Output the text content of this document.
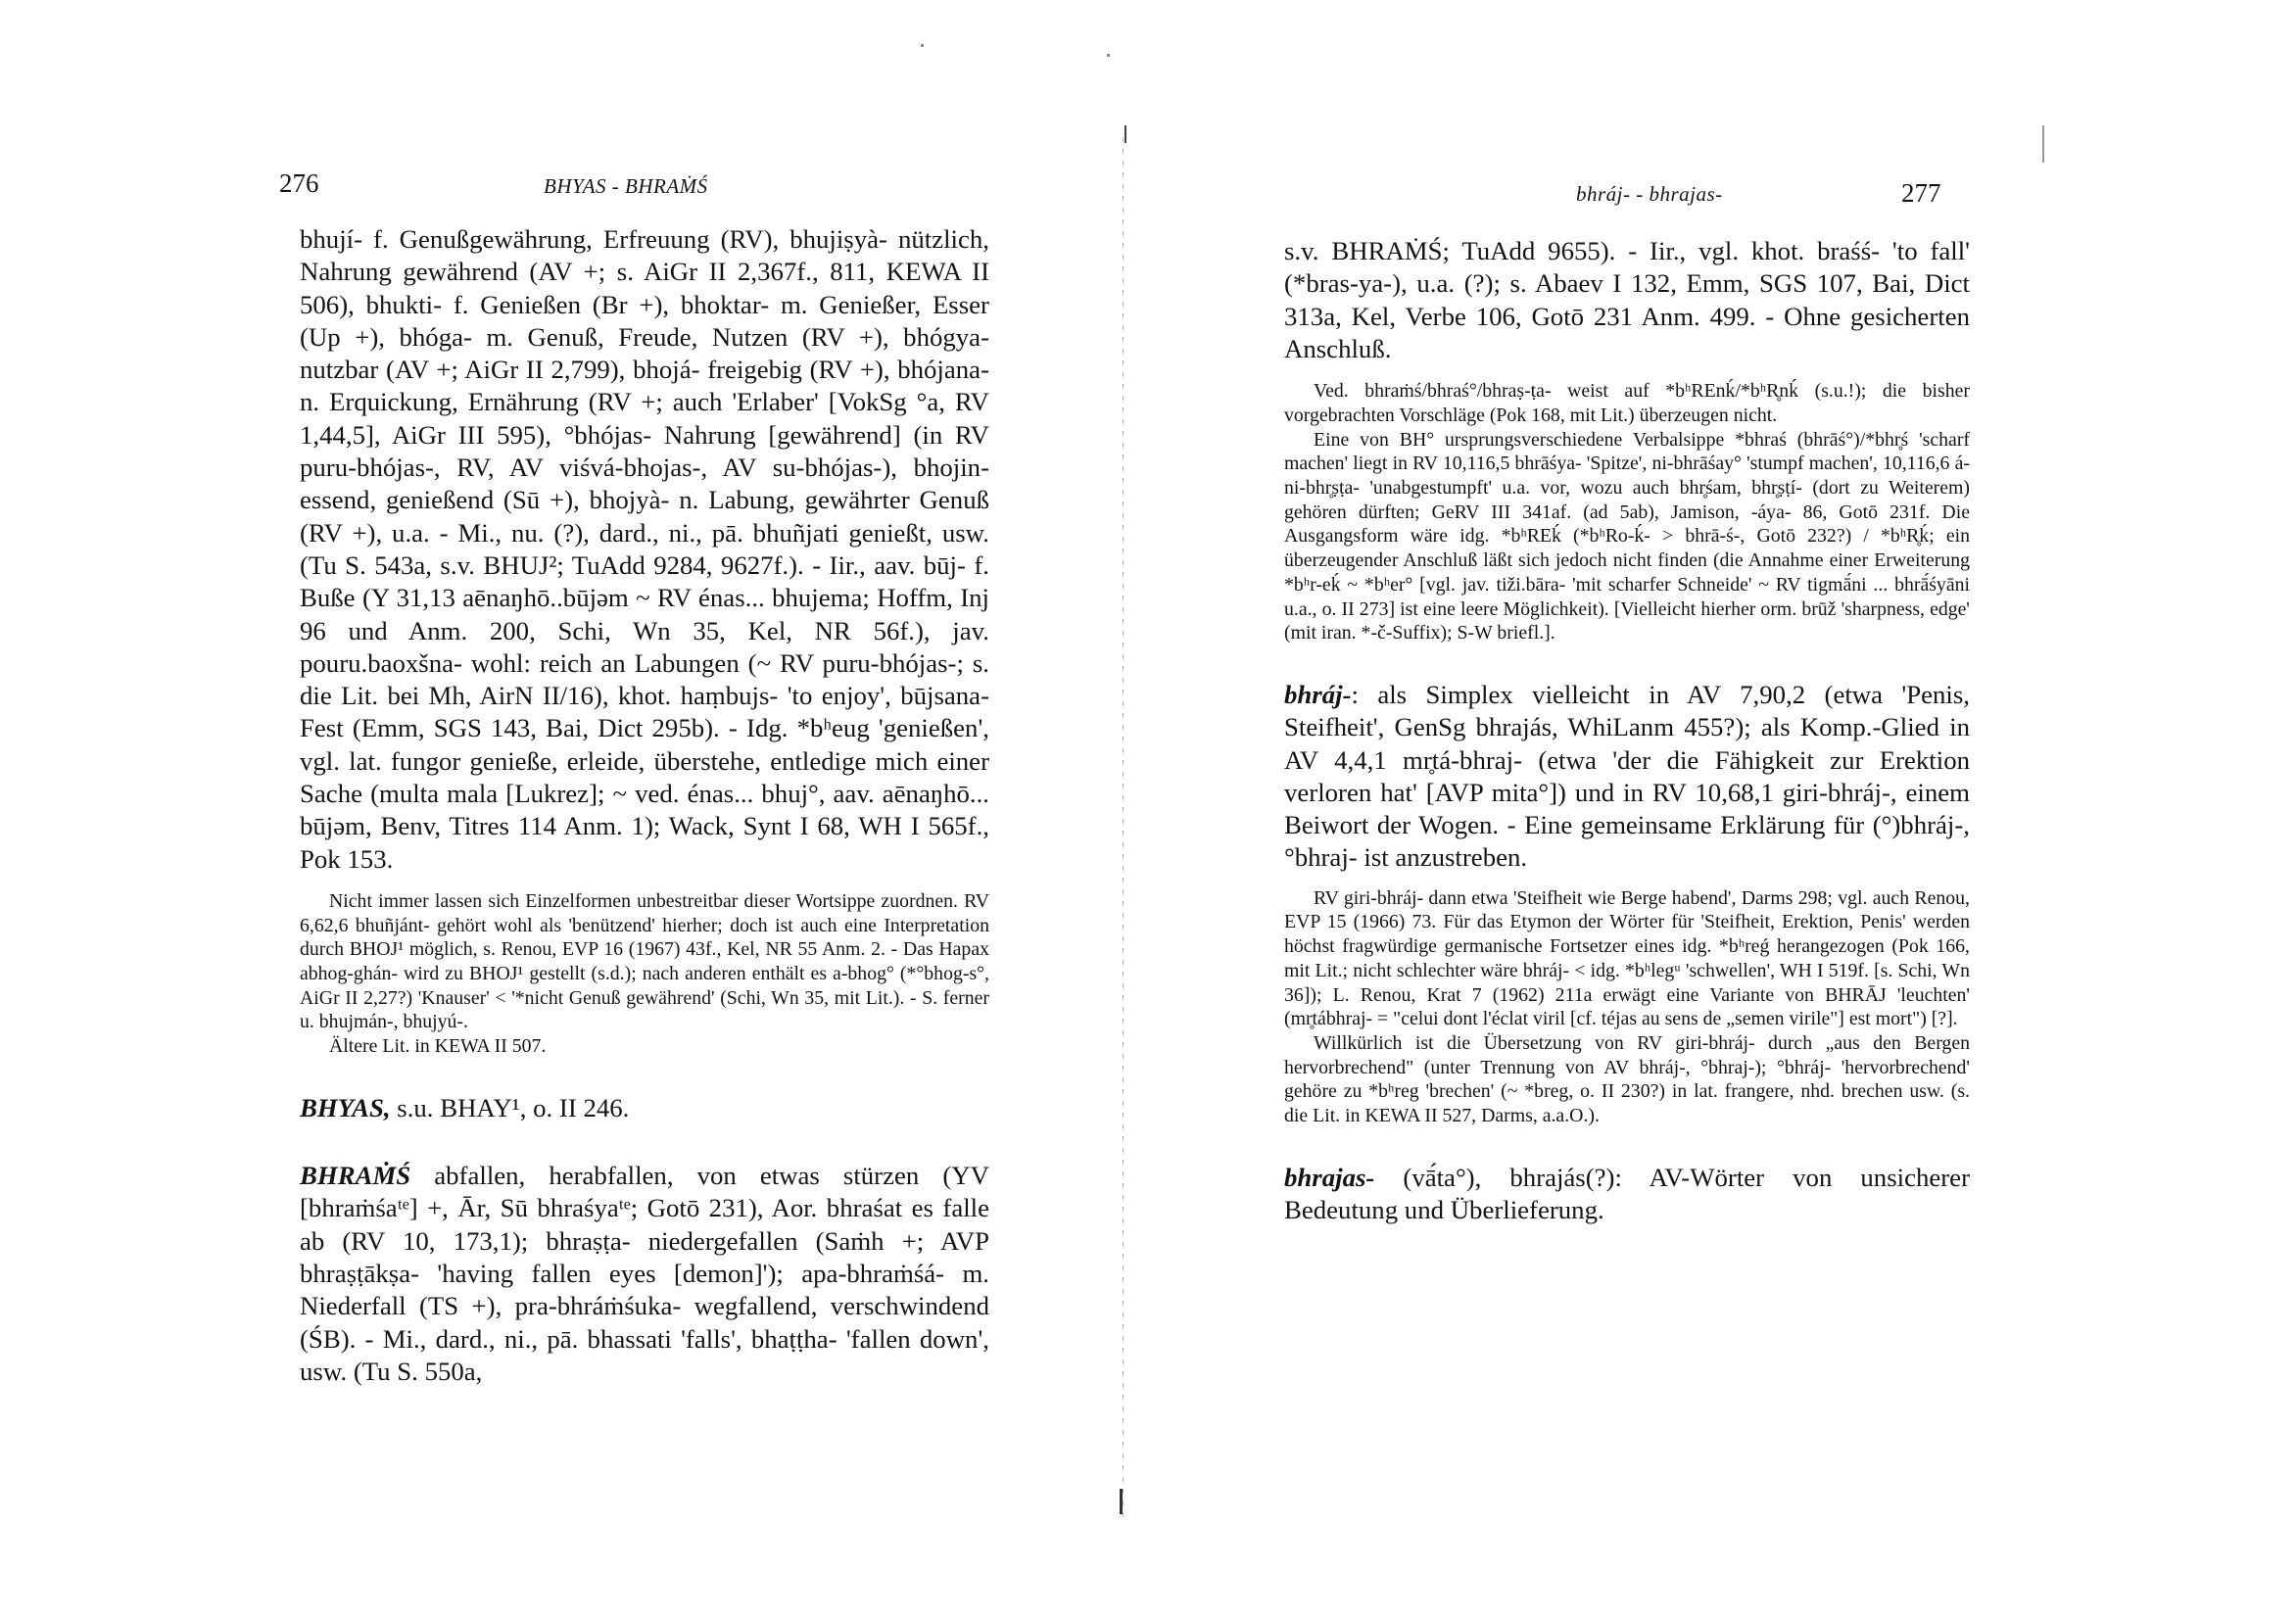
276	BHYAS - BHRAṀŚ

bhují- f. Genußgewährung, Erfreuung (RV), bhujiṣyà- nützlich, Nahrung gewährend (AV +; s. AiGr II 2,367f., 811, KEWA II 506), bhukti- f. Genießen (Br +), bhoktar- m. Genießer, Esser (Up +), bhóga- m. Genuß, Freude, Nutzen (RV +), bhógya- nutzbar (AV +; AiGr II 2,799), bhojá- freigebig (RV +), bhójana- n. Erquickung, Ernährung (RV +; auch 'Erlaber' [VokSg °a, RV 1,44,5], AiGr III 595), °bhójas- Nahrung [gewährend] (in RV puru-bhójas-, RV, AV viśvá-bhojas-, AV su-bhójas-), bhojin- essend, genießend (Sū +), bhojyà- n. Labung, gewährter Genuß (RV +), u.a. - Mi., nu. (?), dard., ni., pā. bhuñjati genießt, usw. (Tu S. 543a, s.v. BHUJ²; TuAdd 9284, 9627f.). - Iir., aav. būj- f. Buße (Y 31,13 aēnaŋhō..būjəm ~ RV énas... bhujema; Hoffm, Inj 96 und Anm. 200, Schi, Wn 35, Kel, NR 56f.), jav. pouru.baoxšna- wohl: reich an Labungen (~ RV puru-bhójas-; s. die Lit. bei Mh, AirN II/16), khot. haṃbujs- 'to enjoy', būjsana- Fest (Emm, SGS 143, Bai, Dict 295b). - Idg. *bʰeug 'genießen', vgl. lat. fungor genieße, erleide, überstehe, entledige mich einer Sache (multa mala [Lukrez]; ~ ved. énas... bhuj°, aav. aēnaŋhō... būjəm, Benv, Titres 114 Anm. 1); Wack, Synt I 68, WH I 565f., Pok 153.

Nicht immer lassen sich Einzelformen unbestreitbar dieser Wortsippe zuordnen. RV 6,62,6 bhuñjánt- gehört wohl als 'benützend' hierher; doch ist auch eine Interpretation durch BHOJ¹ möglich, s. Renou, EVP 16 (1967) 43f., Kel, NR 55 Anm. 2. - Das Hapax abhog-ghán- wird zu BHOJ¹ gestellt (s.d.); nach anderen enthält es a-bhog° (*°bhog-s°, AiGr II 2,27?) 'Knauser' < '*nicht Genuß gewährend' (Schi, Wn 35, mit Lit.). - S. ferner u. bhujmán-, bhujyú-.

Ältere Lit. in KEWA II 507.

BHYAS, s.u. BHAY¹, o. II 246.

BHRAṀŚ abfallen, herabfallen, von etwas stürzen (YV [bhraṁśaᵗᵉ] +, Ār, Sū bhraśyaᵗᵉ; Gotō 231), Aor. bhraśat es falle ab (RV 10, 173,1); bhraṣṭa- niedergefallen (Saṁh +; AVP bhraṣṭākṣa- 'having fallen eyes [demon]'); apa-bhraṁśá- m. Niederfall (TS +), pra-bhráṁśuka- wegfallend, verschwindend (ŚB). - Mi., dard., ni., pā. bhassati 'falls', bhaṭṭha- 'fallen down', usw. (Tu S. 550a,

bhráj- - bhrajas-	277

s.v. BHRAṀŚ; TuAdd 9655). - Iir., vgl. khot. braśś- 'to fall' (*bras-ya-), u.a. (?); s. Abaev I 132, Emm, SGS 107, Bai, Dict 313a, Kel, Verbe 106, Gotō 231 Anm. 499. - Ohne gesicherten Anschluß.

Ved. bhraṁś/bhraś°/bhraṣ-ṭa- weist auf *bʰREnḱ/*bʰR̥nḱ (s.u.!); die bisher vorgebrachten Vorschläge (Pok 168, mit Lit.) überzeugen nicht.

Eine von BH° ursprungsverschiedene Verbalsippe *bhraś (bhrāś°)/*bhr̥ś 'scharf machen' liegt in RV 10,116,5 bhrāśya- 'Spitze', ni-bhrāśay° 'stumpf machen', 10,116,6 á-ni-bhr̥ṣṭa- 'unabgestumpft' u.a. vor, wozu auch bhr̥śam, bhr̥ṣṭí- (dort zu Weiterem) gehören dürften; GeRV III 341af. (ad 5ab), Jamison, -áya- 86, Gotō 231f. Die Ausgangsform wäre idg. *bʰREḱ (*bʰRo-ḱ- > bhrā-ś-, Gotō 232?) / *bʰR̥ḱ; ein überzeugender Anschluß läßt sich jedoch nicht finden (die Annahme einer Erweiterung *bʰr-eḱ ~ *bʰer° [vgl. jav. tiži.bāra- 'mit scharfer Schneide' ~ RV tigmā́ni ... bhrā́śyāni u.a., o. II 273] ist eine leere Möglichkeit). [Vielleicht hierher orm. brūž 'sharpness, edge' (mit iran. *-č-Suffix); S-W briefl.].

bhráj-: als Simplex vielleicht in AV 7,90,2 (etwa 'Penis, Steifheit', GenSg bhrajás, WhiLanm 455?); als Komp.-Glied in AV 4,4,1 mr̥tá-bhraj- (etwa 'der die Fähigkeit zur Erektion verloren hat' [AVP mita°]) und in RV 10,68,1 giri-bhráj-, einem Beiwort der Wogen. - Eine gemeinsame Erklärung für (°)bhráj-, °bhraj- ist anzustreben.

RV giri-bhráj- dann etwa 'Steifheit wie Berge habend', Darms 298; vgl. auch Renou, EVP 15 (1966) 73. Für das Etymon der Wörter für 'Steifheit, Erektion, Penis' werden höchst fragwürdige germanische Fortsetzer eines idg. *bʰreǵ herangezogen (Pok 166, mit Lit.; nicht schlechter wäre bhráj- < idg. *bʰlegᵘ 'schwellen', WH I 519f. [s. Schi, Wn 36]); L. Renou, Krat 7 (1962) 211a erwägt eine Variante von BHRĀJ 'leuchten' (mr̥tábhraj- = "celui dont l'éclat viril [cf. téjas au sens de „semen virile"] est mort") [?].

Willkürlich ist die Übersetzung von RV giri-bhráj- durch „aus den Bergen hervorbrechend" (unter Trennung von AV bhráj-, °bhraj-); °bhráj- 'hervorbrechend' gehöre zu *bʰreg 'brechen' (~ *breg, o. II 230?) in lat. frangere, nhd. brechen usw. (s. die Lit. in KEWA II 527, Darms, a.a.O.).

bhrajas- (vā́ta°), bhrajás(?): AV-Wörter von unsicherer Bedeutung und Überlieferung.
